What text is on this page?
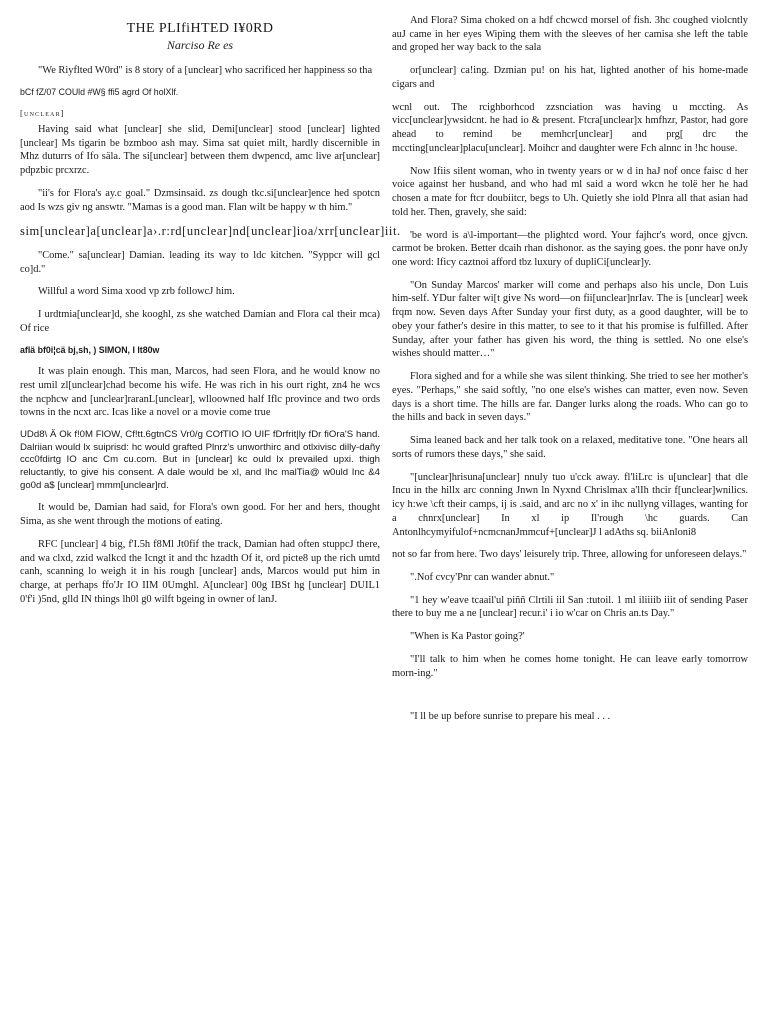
THE PLIfiHTED I¥0RD
Narciso Re es

"We Riyflted W0rd" is 8 story of a [unclear] who sacrificed her happiness so tha

bCf fZ/07 COUld #W§ ffi5 agrd Of holXlf.

[unclear]

Having said what [unclear] she slid, Demi[unclear] stood [unclear] lighted [unclear] Ms tigarin be bzmboo ash may. Sima sat quiet milt, hardly discernible in Mhz duturrs of Ifo säla. The si[unclear] between them dwpencd, amc live ar[unclear] pdpzbic prcxrzc.

"ii's for Flora's ay.c goal." Dzmsinsaid. zs dough tkc.si[unclear]ence hed spotcn aod Is wzs giv ng answtr. "Mamas is a good man. Flan wilt be happy w th him."

sim[unclear]a[unclear]a›.r:rd[unclear]nd[unclear]ioa/xrr[unclear]iit.

"Come." sa[unclear] Damian. leading its way to ldc kitchen. "Syppcr will gcl co]d."

Willful a word Sima xood vp zrb followcJ him.

I urdtmia[unclear]d, she kooghl, zs she watched Damian and Flora cal their mca) Of rice

aflä bf0i¦cä bj,sh, ) SIMON, I lt80w

It was plain enough. This man, Marcos, had seen Flora, and he would know no rest umil zl[unclear]chad become his wife. He was rich in his ourt right, zn4 he wcs the ncphcw and [unclear]raranL[unclear], wlloowned half Iflc province and two ords towns in the ncxt arc. Icas like a novel or a movie come true

UDd8\ Ä Ok f!0M FlOW, Cf!tt.6gtnCS Vr0/g COfTIO IO UIF fDrfrit|ly fDr fiOra'S hand. Dalriian would lx suiprisd: hc would grafted Plnrz's unworthirc and otlxivisc dilly-dañy ccc0fdirtg IO anc Cm cu.com. But in [unclear] kc ould lx prevailed upxi. thigh reluctantly, to give his consent. A dale would be xl, and Ihc malTia@ w0uld Inc &4 go0d a$ [unclear] mmm[unclear]rd.

It would be, Damian had said, for Flora's own good. For her and hers, thought Sima, as she went through the motions of eating.

RFC [unclear] 4 big, f'I.5h f8Ml Jt0fif the track, Damian had often stuppcJ there, and wa clxd, zzid walkcd the Icngt it and thc hzadth Of it, ord picte8 up the rich umtd canh, scanning lo weigh it in his rough [unclear] ands, Marcos would put him in charge, at perhaps ffo'Jr IO IIM 0Umghl. A[unclear] 00g IBSt hg [unclear] DUIL1 0'f'i )5nd, glld IN things lh0l g0 wilft bgeing in owner of lanJ.

And Flora? Sima choked on a hdf chcwcd morsel of fish. 3hc coughed violcntly auJ came in her eyes Wiping them with the sleeves of her camisa she left the table and groped her way back to the sala

or[unclear] ca!ing. Dzmian pu! on his hat, lighted another of his home-made cigars and

wcnl out. The rcighborhcod zzsnciation was having u mccting. As vicc[unclear]ywsidcnt. he had io & present. Ftcra[unclear]x hmfhzr, Pastor, had gore ahead to remind be memhcr[unclear] and prg[ drc the mccting[unclear]placu[unclear]. Moihcr and daughter were Fch alnnc in !hc house.

Now Ifiis silent woman, who in twenty years or w d in haJ nof once faisc d her voice against her husband, and who had ml said a word wkcn he tolë her he had chosen a mate for ftcr doubiitcr, begs to Uh. Quietly she iold Plnra all that asian had told her. Then, gravely, she said:

'be word is a\l-important—the plightcd word. Your fajhcr's word, once gjvcn. carmot be broken. Better dcaih rhan dishonor. as the saying goes. the ponr have onJy one word: Ificy caztnoi afford tbz luxury of dupliCi[unclear]y.

"On Sunday Marcos' marker will come and perhaps also his uncle, Don Luis him-self. YDur falter wi[t give Ns word—on fii[unclear]nrIav. The is [unclear] week frqm now. Seven days After Sunday your first duty, as a good daughter, will be to obey your father's desire in this matter, to see to it that his promise is fulfilled. After Sunday, after your father has given his word, the thing is settled. No one else's wishes should matter…"

Flora sighed and for a while she was silent thinking. She tried to see her mother's eyes. "Perhaps," she said softly, "no one else's wishes can matter, even now. Seven days is a short time. The hills are far. Danger lurks along the roads. Who can go to the hills and back in seven days."

Sima leaned back and her talk took on a relaxed, meditative tone. "One hears all sorts of rumors these days," she said.

"[unclear]hrisuna[unclear] nnuly tuo u'cck away. fl'liLrc is u[unclear] that dle Incu in the hillx arc conning Jnwn ln Nyxnd Chrislmax a'lIh thcir f[unclear]wnilics. icy h:we \cft their camps, ij is .said, and arc no x' in ihc nullyng villages, wanting for a chnrx[unclear] In xl ip Il'rough \hc guards. Can Antonlhcymyifulof+ncmcnanJmmcuf+[unclear]J l adAths sq. biiAnloni8

not so far from here. Two days' leisurely trip. Three, allowing for unforeseen delays."

".Nof cvcy'Pnr can wander abnut."

"1 hey w'eave tcaail'ul piññ Clrtili iil San :tutoil. 1 ml iliiiib iiit of sending Paser there to buy me a ne [unclear] recur.i' i io w'car on Chris an.ts Day."

"When is Ka Pastor going?'

"I'll talk to him when he comes home tonight. He can leave early tomorrow morn-ing."

"I ll be up before sunrise to prepare his meal . . .
